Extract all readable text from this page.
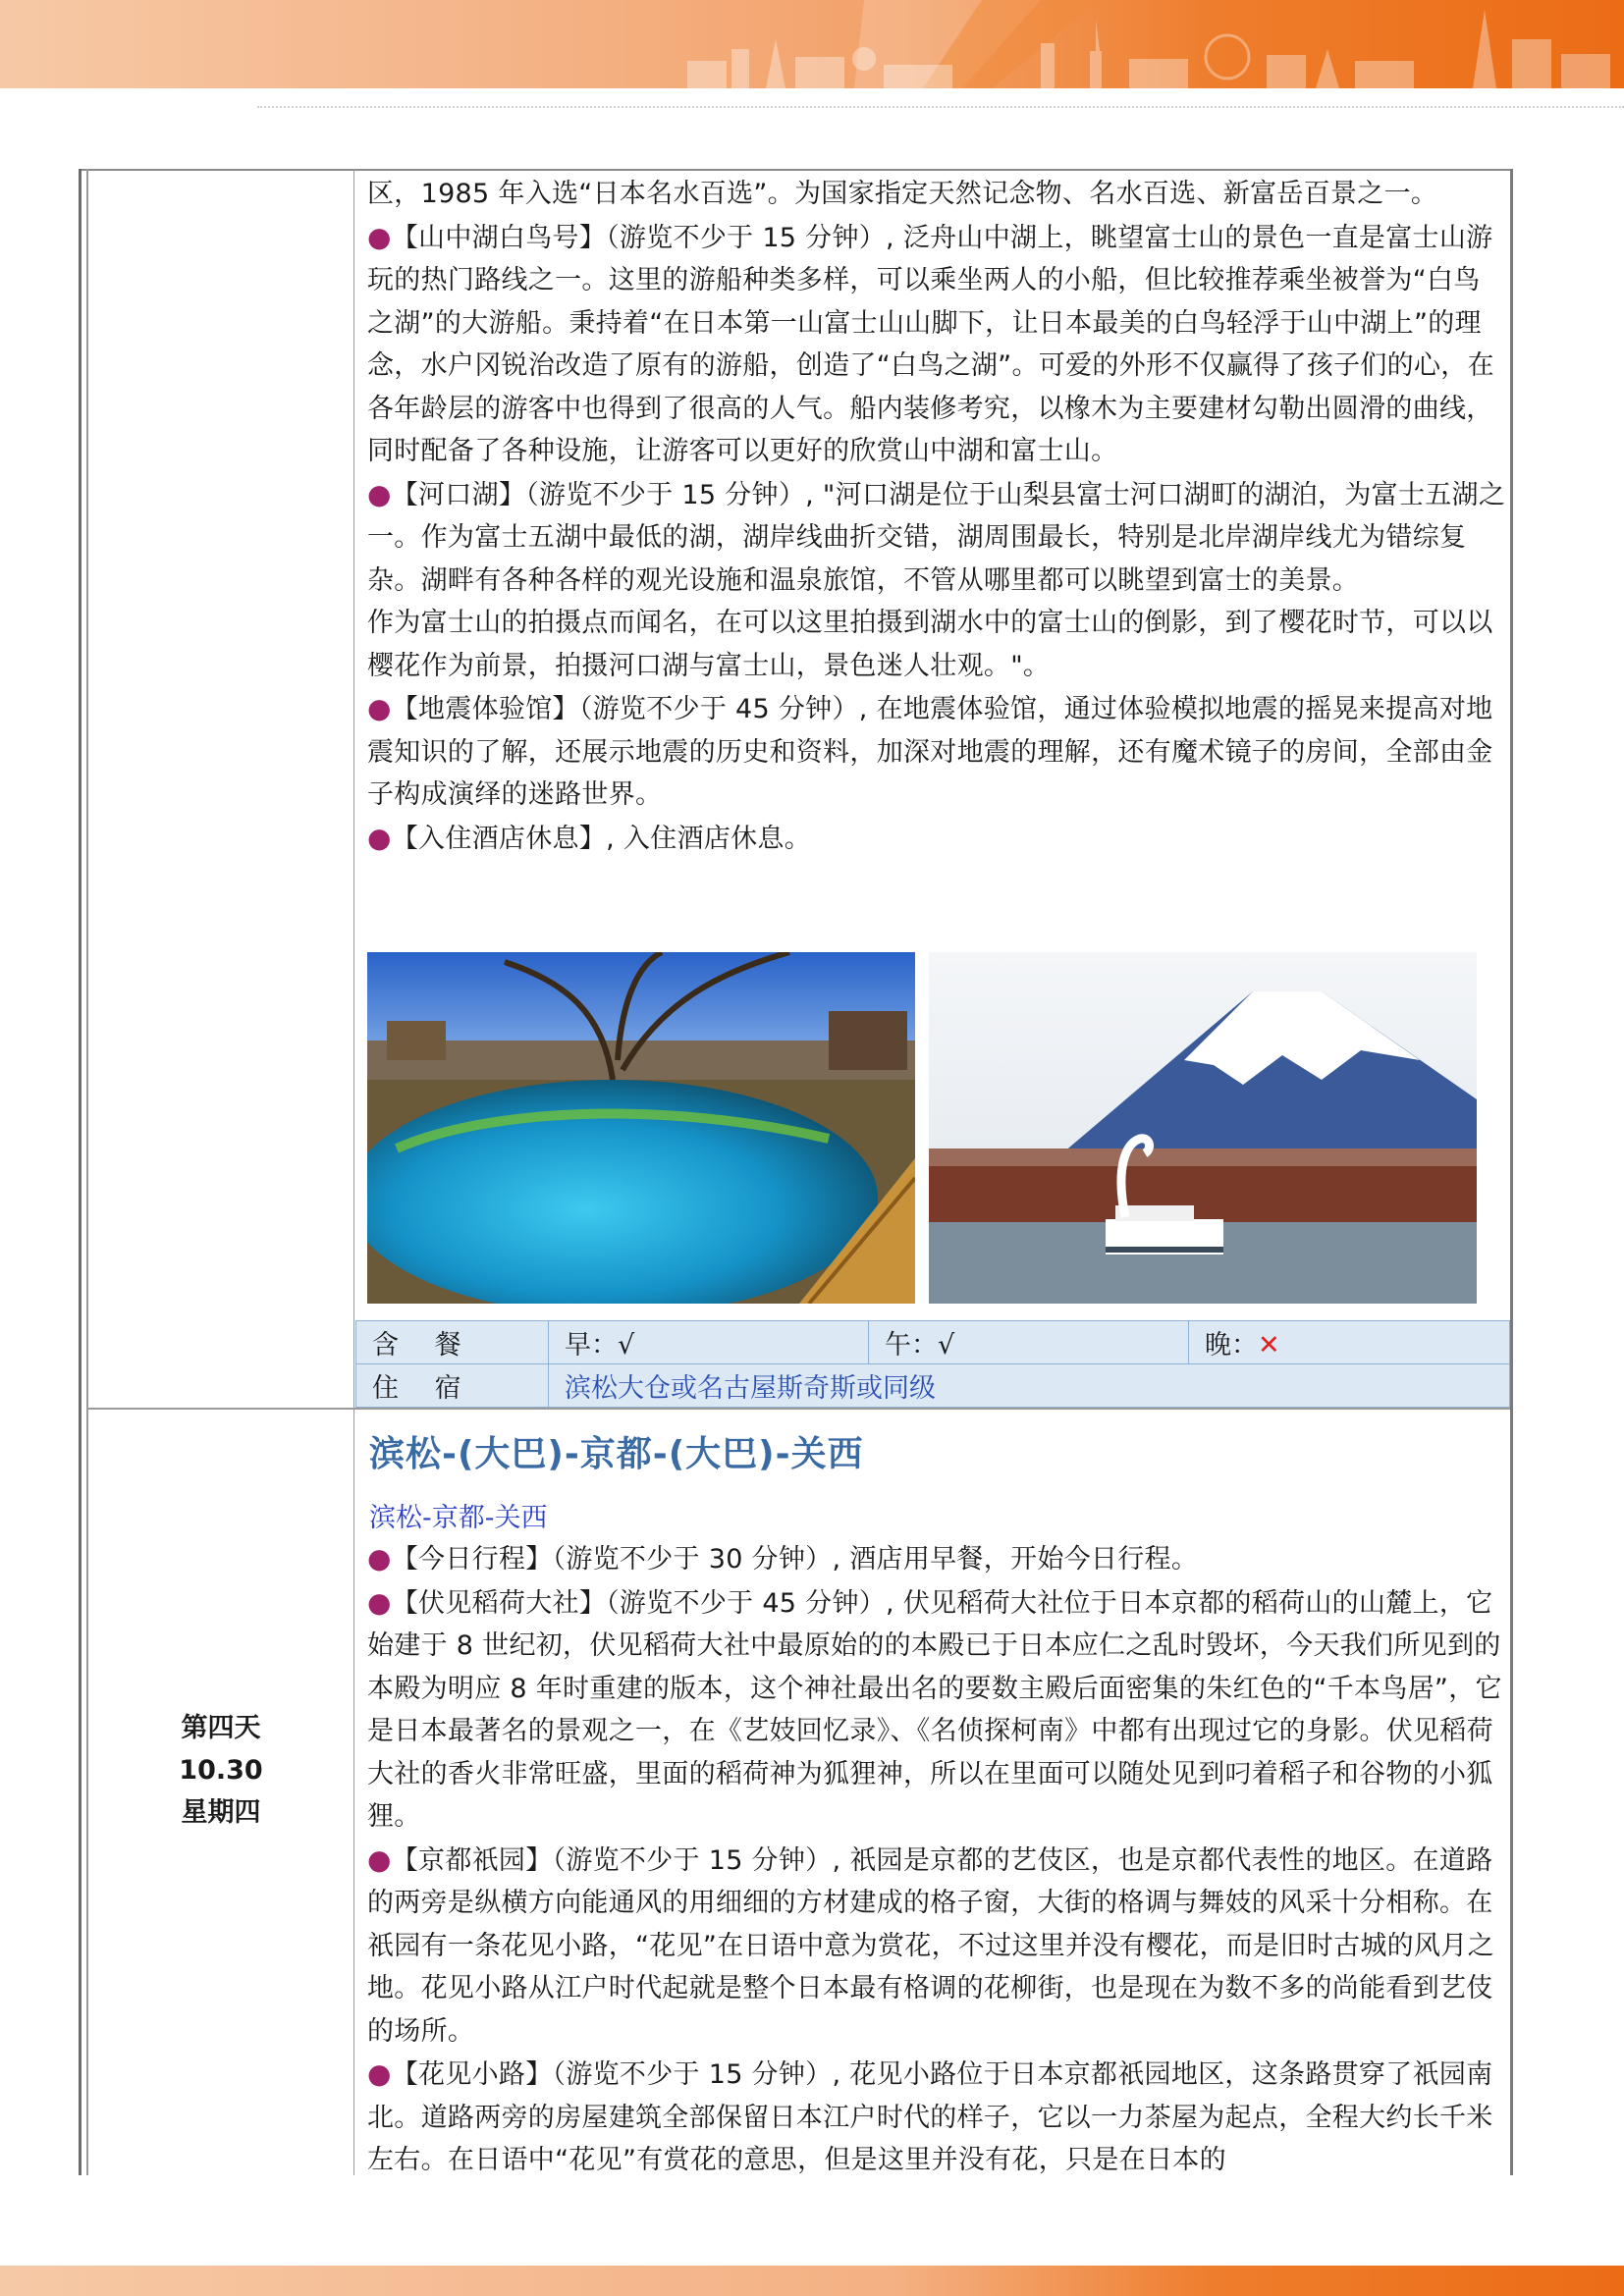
区，1985 年入选“日本名水百选”。为国家指定天然记念物、名水百选、新富岳百景之一。
●【山中湖白鸟号】（游览不少于 15 分钟）, 泛舟山中湖上，眺望富士山的景色一直是富士山游玩的热门路线之一。这里的游船种类多样，可以乘坐两人的小船，但比较推荐乘坐被誉为“白鸟之湖”的大游船。秉持着“在日本第一山富士山山脚下，让日本最美的白鸟轻浮于山中湖上”的理念，水户冈锐治改造了原有的游船，创造了“白鸟之湖”。可爱的外形不仅赢得了孩子们的心，在各年龄层的游客中也得到了很高的人气。船内装修考究，以橡木为主要建材勾勒出圆滑的曲线，同时配备了各种设施，让游客可以更好的欣赏山中湖和富士山。
●【河口湖】（游览不少于 15 分钟）, "河口湖是位于山梨县富士河口湖町的湖泊，为富士五湖之一。作为富士五湖中最低的湖，湖岸线曲折交错，湖周围最长，特别是北岸湖岸线尤为错综复杂。湖畔有各种各样的观光设施和温泉旅馆，不管从哪里都可以眺望到富士的美景。
作为富士山的拍摄点而闻名，在可以这里拍摄到湖水中的富士山的倒影，到了樱花时节，可以以樱花作为前景，拍摄河口湖与富士山，景色迷人壮观。"。
●【地震体验馆】（游览不少于 45 分钟）, 在地震体验馆，通过体验模拟地震的摇晃来提高对地震知识的了解，还展示地震的历史和资料，加深对地震的理解，还有魔术镜子的房间，全部由金子构成演绎的迷路世界。
●【入住酒店休息】, 入住酒店休息。
含 餐	早：√	午：√	晚：✕
住 宿	滨松大仓或名古屋斯奇斯或同级		
第四天
10.30
星期四
滨松-(大巴)-京都-(大巴)-关西
滨松-京都-关西
●【今日行程】（游览不少于 30 分钟）, 酒店用早餐，开始今日行程。
●【伏见稻荷大社】（游览不少于 45 分钟）, 伏见稻荷大社位于日本京都的稻荷山的山麓上，它始建于 8 世纪初，伏见稻荷大社中最原始的的本殿已于日本应仁之乱时毁坏，今天我们所见到的本殿为明应 8 年时重建的版本，这个神社最出名的要数主殿后面密集的朱红色的“千本鸟居”，它是日本最著名的景观之一，在《艺妓回忆录》、《名侦探柯南》中都有出现过它的身影。伏见稻荷大社的香火非常旺盛，里面的稻荷神为狐狸神，所以在里面可以随处见到叼着稻子和谷物的小狐狸。
●【京都祇园】（游览不少于 15 分钟）, 祇园是京都的艺伎区，也是京都代表性的地区。在道路的两旁是纵横方向能通风的用细细的方材建成的格子窗，大街的格调与舞妓的风采十分相称。在祇园有一条花见小路，“花见”在日语中意为赏花，不过这里并没有樱花，而是旧时古城的风月之地。花见小路从江户时代起就是整个日本最有格调的花柳街，也是现在为数不多的尚能看到艺伎的场所。
●【花见小路】（游览不少于 15 分钟）, 花见小路位于日本京都祇园地区，这条路贯穿了祇园南北。道路两旁的房屋建筑全部保留日本江户时代的样子，它以一力茶屋为起点，全程大约长千米左右。在日语中“花见”有赏花的意思，但是这里并没有花，只是在日本的
